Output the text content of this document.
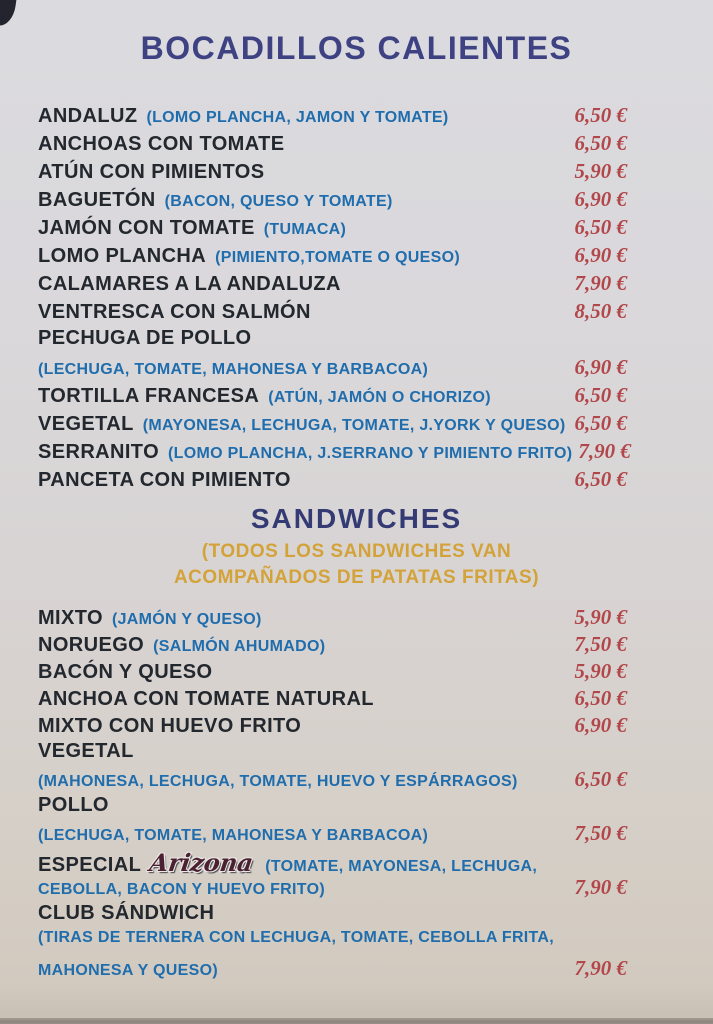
BOCADILLOS CALIENTES
ANDALUZ (LOMO PLANCHA, JAMON Y TOMATE)	6,50 €
ANCHOAS CON TOMATE	6,50 €
ATÚN CON PIMIENTOS	5,90 €
BAGUETÓN (BACON, QUESO Y TOMATE)	6,90 €
JAMÓN CON TOMATE (TUMACA)	6,50 €
LOMO PLANCHA (PIMIENTO,TOMATE O QUESO)	6,90 €
CALAMARES A LA ANDALUZA	7,90 €
VENTRESCA CON SALMÓN	8,50 €
PECHUGA DE POLLO
(LECHUGA, TOMATE, MAHONESA Y BARBACOA)	6,90 €
TORTILLA FRANCESA (ATÚN, JAMÓN O CHORIZO)	6,50 €
VEGETAL (MAYONESA, LECHUGA, TOMATE, J.YORK Y QUESO) 6,50 €
SERRANITO (LOMO PLANCHA, J.SERRANO Y PIMIENTO FRITO) 7,90 €
PANCETA CON PIMIENTO	6,50 €
SANDWICHES
(TODOS LOS SANDWICHES VAN
ACOMPAÑADOS DE PATATAS FRITAS)
MIXTO (JAMÓN Y QUESO)	5,90 €
NORUEGO (SALMÓN AHUMADO)	7,50 €
BACÓN Y QUESO	5,90 €
ANCHOA CON TOMATE NATURAL	6,50 €
MIXTO CON HUEVO FRITO	6,90 €
VEGETAL
(MAHONESA, LECHUGA, TOMATE, HUEVO Y ESPÁRRAGOS)	6,50 €
POLLO
(LECHUGA, TOMATE, MAHONESA Y BARBACOA)	7,50 €
ESPECIAL Arizona (TOMATE, MAYONESA, LECHUGA,
CEBOLLA, BACON Y HUEVO FRITO)	7,90 €
CLUB SÁNDWICH
(TIRAS DE TERNERA CON LECHUGA, TOMATE, CEBOLLA FRITA,
MAHONESA Y QUESO)	7,90 €
